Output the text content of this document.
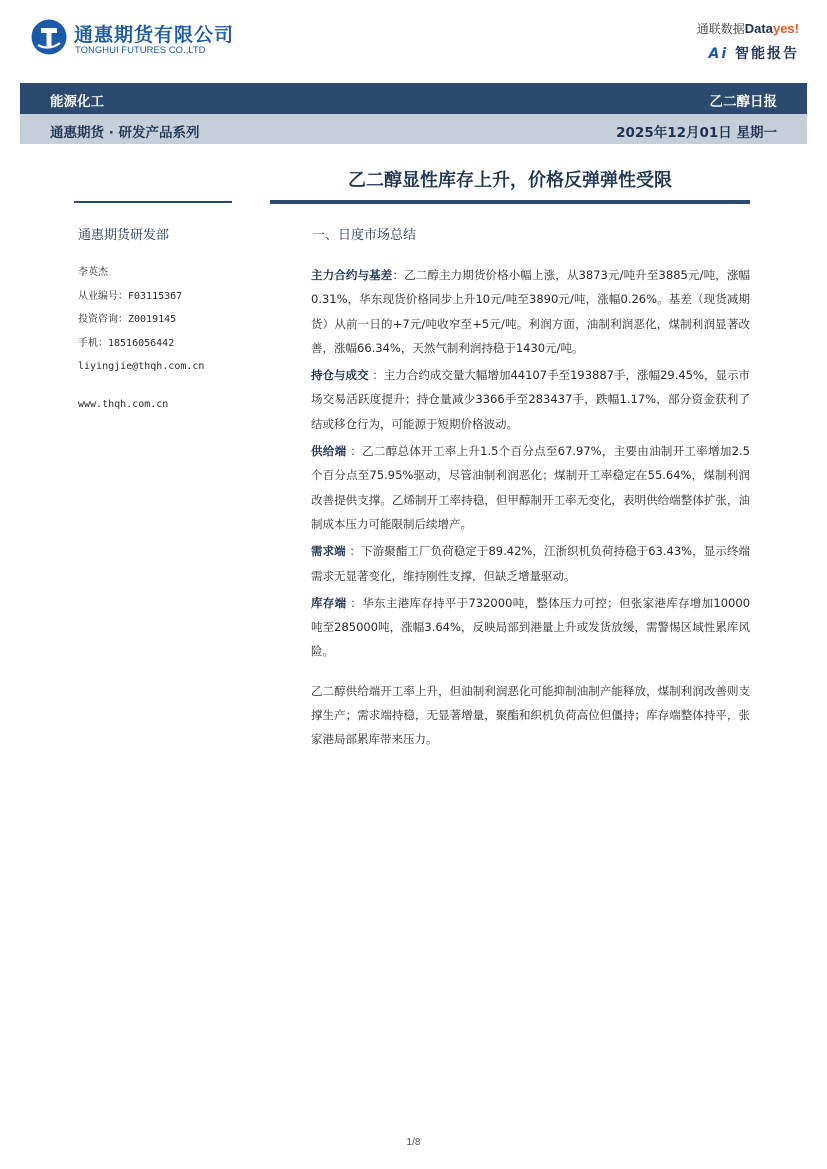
通惠期货有限公司
TONGHUI FUTURES CO.,LTD
通联数据Datayes!
Ai 智能报告
能源化工	乙二醇日报
通惠期货 · 研发产品系列	2025年12月01日 星期一
乙二醇显性库存上升，价格反弹弹性受限
通惠期货研发部
李英杰
从业编号：F03115367
投资咨询：Z0019145
手机：18516056442
liyingjie@thqh.com.cn
www.thqh.com.cn
一、日度市场总结

主力合约与基差：乙二醇主力期货价格小幅上涨，从3873元/吨升至3885元/吨，涨幅0.31%，华东现货价格同步上升10元/吨至3890元/吨，涨幅0.26%。基差（现货减期货）从前一日的+7元/吨收窄至+5元/吨。利润方面，油制利润恶化，煤制利润显著改善，涨幅66.34%，天然气制利润持稳于1430元/吨。

持仓与成交 ：主力合约成交量大幅增加44107手至193887手，涨幅29.45%，显示市场交易活跃度提升；持仓量减少3366手至283437手，跌幅1.17%，部分资金获利了结或移仓行为，可能源于短期价格波动。

供给端 ：乙二醇总体开工率上升1.5个百分点至67.97%，主要由油制开工率增加2.5个百分点至75.95%驱动，尽管油制利润恶化；煤制开工率稳定在55.64%，煤制利润改善提供支撑。乙烯制开工率持稳，但甲醇制开工率无变化，表明供给端整体扩张，油制成本压力可能限制后续增产。

需求端 ：下游聚酯工厂负荷稳定于89.42%，江浙织机负荷持稳于63.43%，显示终端需求无显著变化，维持刚性支撑，但缺乏增量驱动。

库存端 ：华东主港库存持平于732000吨，整体压力可控；但张家港库存增加10000吨至285000吨，涨幅3.64%，反映局部到港量上升或发货放缓，需警惕区域性累库风险。

乙二醇供给端开工率上升，但油制利润恶化可能抑制油制产能释放，煤制利润改善则支撑生产；需求端持稳，无显著增量，聚酯和织机负荷高位但僵持；库存端整体持平，张家港局部累库带来压力。

1/8
